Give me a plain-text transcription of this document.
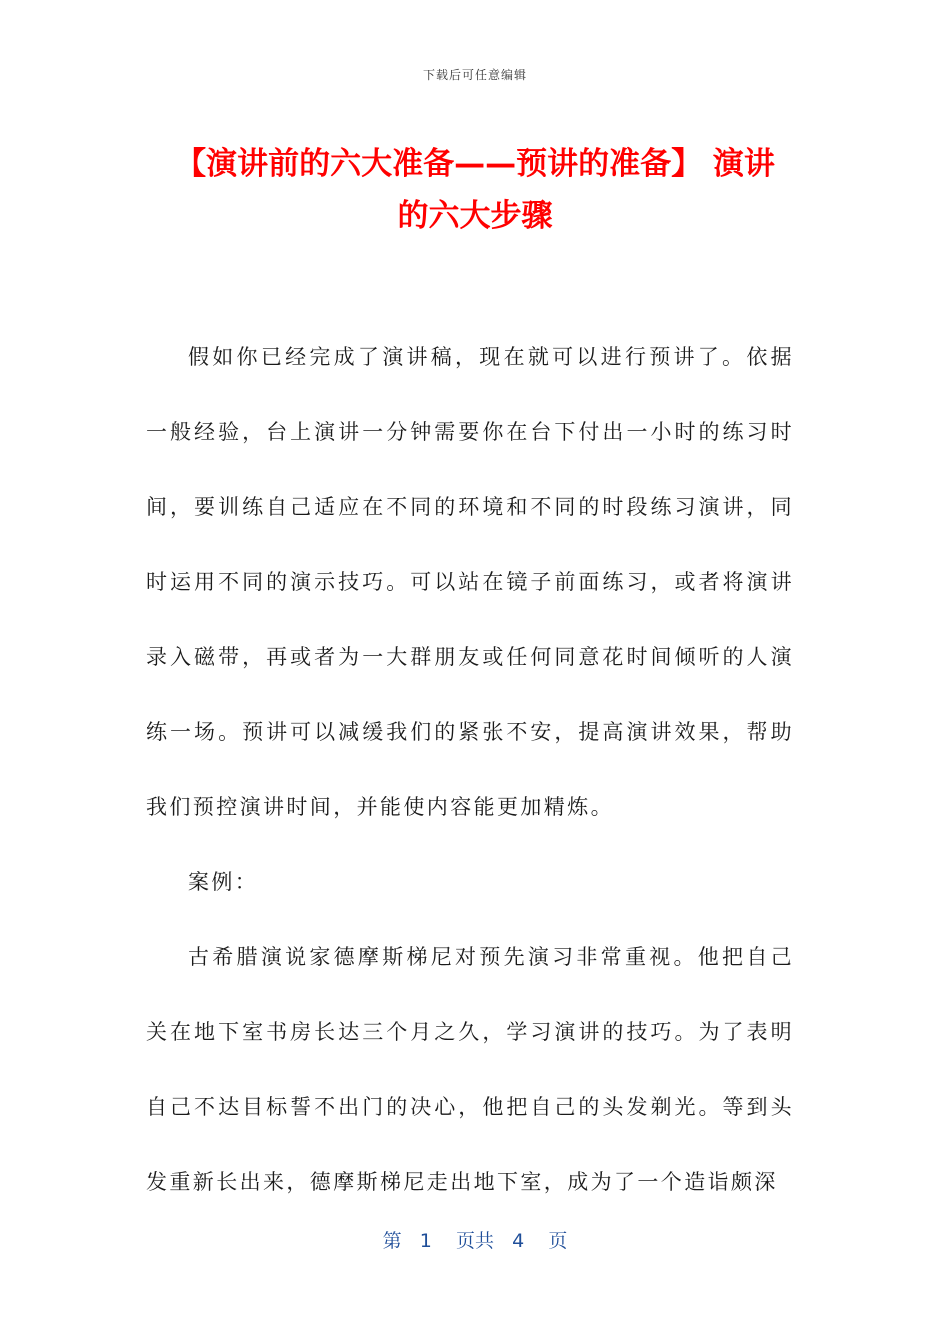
下载后可任意编辑
【演讲前的六大准备——预讲的准备】 演讲
的六大步骤

假如你已经完成了演讲稿，现在就可以进行预讲了。依据一般经验，台上演讲一分钟需要你在台下付出一小时的练习时间，要训练自己适应在不同的环境和不同的时段练习演讲，同时运用不同的演示技巧。可以站在镜子前面练习，或者将演讲录入磁带，再或者为一大群朋友或任何同意花时间倾听的人演练一场。预讲可以减缓我们的紧张不安，提高演讲效果，帮助我们预控演讲时间，并能使内容能更加精炼。

案例：

古希腊演说家德摩斯梯尼对预先演习非常重视。他把自己关在地下室书房长达三个月之久，学习演讲的技巧。为了表明自己不达目标誓不出门的决心，他把自己的头发剃光。等到头发重新长出来，德摩斯梯尼走出地下室，成为了一个造诣颇深

第 1 页共 4 页
